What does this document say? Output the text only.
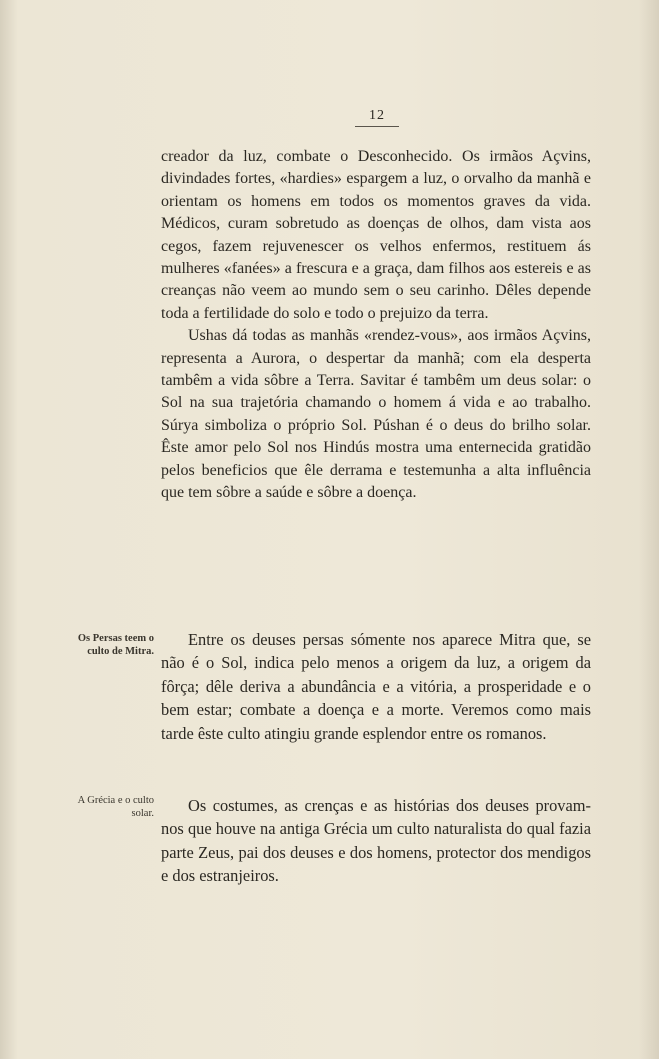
12

creador da luz, combate o Desconhecido. Os irmãos Açvins, divindades fortes, «hardies» espargem a luz, o orvalho da manhã e orientam os homens em todos os momentos graves da vida. Médicos, curam sobretudo as doenças de olhos, dam vista aos cegos, fazem rejuvenescer os velhos enfermos, restituem ás mulheres «fanées» a frescura e a graça, dam filhos aos estereis e as creanças não veem ao mundo sem o seu carinho. Dêles depende toda a fertilidade do solo e todo o prejuizo da terra.

Ushas dá todas as manhãs «rendez-vous», aos irmãos Açvins, representa a Aurora, o despertar da manhã; com ela desperta tambêm a vida sôbre a Terra. Savitar é tambêm um deus solar: o Sol na sua trajetória chamando o homem á vida e ao trabalho. Súrya simboliza o próprio Sol. Púshan é o deus do brilho solar. Êste amor pelo Sol nos Hindús mostra uma enternecida gratidão pelos beneficios que êle derrama e testemunha a alta influência que tem sôbre a saúde e sôbre a doença.

Os Persas teem o culto de Mitra.

Entre os deuses persas sómente nos aparece Mitra que, se não é o Sol, indica pelo menos a origem da luz, a origem da fôrça; dêle deriva a abundância e a vitória, a prosperidade e o bem estar; combate a doença e a morte. Veremos como mais tarde êste culto atingiu grande esplendor entre os romanos.

A Grécia e o culto solar.	Os costumes, as crenças e as histórias dos deuses provam-nos que houve na antiga Grécia um culto naturalista do qual fazia parte Zeus, pai dos deuses e dos homens, protector dos mendigos e dos estranjeiros.
